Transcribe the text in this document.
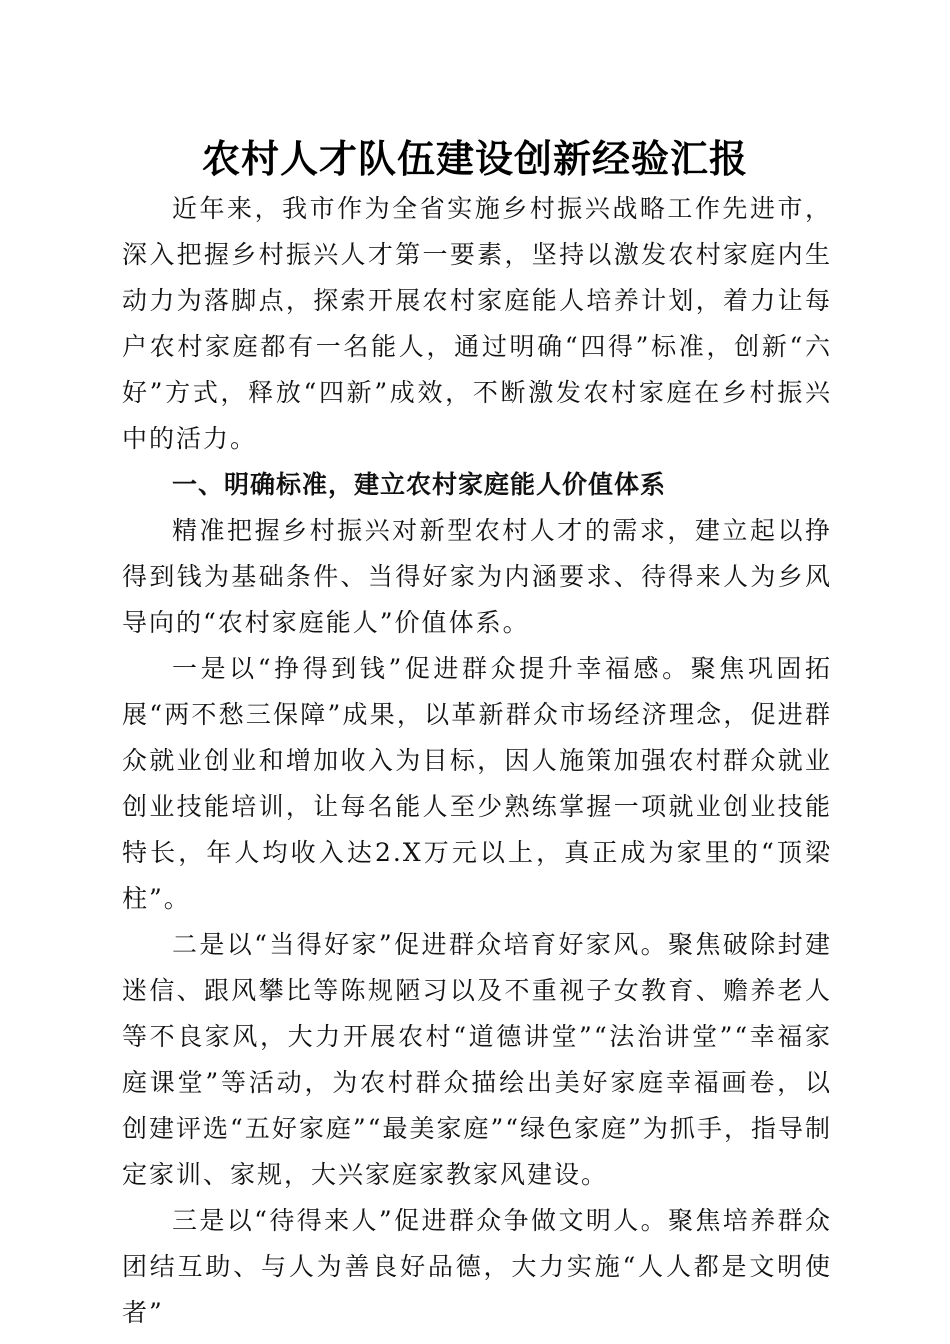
农村人才队伍建设创新经验汇报

近年来，我市作为全省实施乡村振兴战略工作先进市，深入把握乡村振兴人才第一要素，坚持以激发农村家庭内生动力为落脚点，探索开展农村家庭能人培养计划，着力让每户农村家庭都有一名能人，通过明确“四得”标准，创新“六好”方式，释放“四新”成效，不断激发农村家庭在乡村振兴中的活力。

一、明确标准，建立农村家庭能人价值体系

精准把握乡村振兴对新型农村人才的需求，建立起以挣得到钱为基础条件、当得好家为内涵要求、待得来人为乡风导向的“农村家庭能人”价值体系。

一是以“挣得到钱”促进群众提升幸福感。聚焦巩固拓展“两不愁三保障”成果，以革新群众市场经济理念，促进群众就业创业和增加收入为目标，因人施策加强农村群众就业创业技能培训，让每名能人至少熟练掌握一项就业创业技能特长，年人均收入达2.X万元以上，真正成为家里的“顶梁柱”。

二是以“当得好家”促进群众培育好家风。聚焦破除封建迷信、跟风攀比等陈规陋习以及不重视子女教育、赡养老人等不良家风，大力开展农村“道德讲堂”“法治讲堂”“幸福家庭课堂”等活动，为农村群众描绘出美好家庭幸福画卷，以创建评选“五好家庭”“最美家庭”“绿色家庭”为抓手，指导制定家训、家规，大兴家庭家教家风建设。

三是以“待得来人”促进群众争做文明人。聚焦培养群众团结互助、与人为善良好品德，大力实施“人人都是文明使者”
